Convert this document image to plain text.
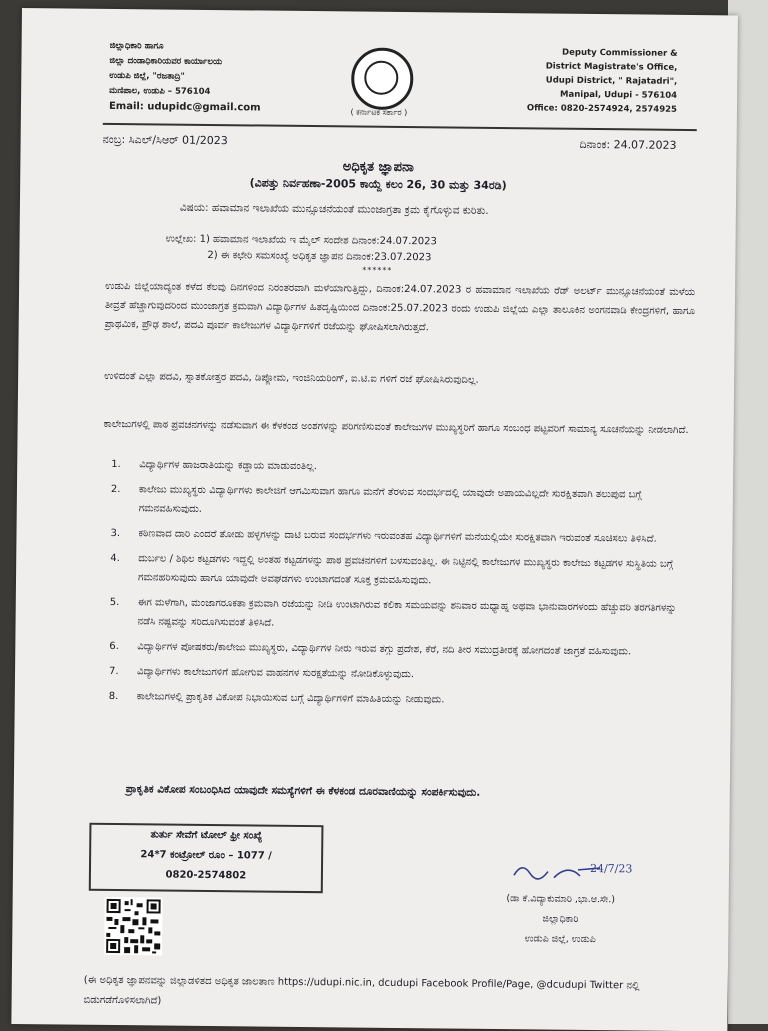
ಜಿಲ್ಲಾಧಿಕಾರಿ ಹಾಗೂ
ಜಿಲ್ಲಾ ದಂಡಾಧಿಕಾರಿಯವರ ಕಾರ್ಯಾಲಯ
ಉಡುಪಿ ಜಿಲ್ಲೆ, "ರಜತಾದ್ರಿ"
ಮಣಿಪಾಲ, ಉಡುಪಿ – 576104
Email: udupidc@gmail.com	( ಕರ್ನಾಟಕ ಸರ್ಕಾರ )
Deputy Commissioner &
District Magistrate's Office,
Udupi District, " Rajatadri",
Manipal, Udupi - 576104
Office: 0820-2574924, 2574925
ನಂಬ್ರ: ಸಿಎಲ್/ಸಿಆರ್ 01/2023	ದಿನಾಂಕ: 24.07.2023
ಅಧಿಕೃತ ಜ್ಞಾಪನಾ
(ವಿಪತ್ತು ನಿರ್ವಹಣಾ-2005 ಕಾಯ್ದೆ ಕಲಂ 26, 30 ಮತ್ತು 34ರಡಿ)
ವಿಷಯ: ಹವಾಮಾನ ಇಲಾಖೆಯ ಮುನ್ಸೂಚನೆಯಂತೆ ಮುಂಜಾಗ್ರತಾ ಕ್ರಮ ಕೈಗೊಳ್ಳುವ ಕುರಿತು.
ಉಲ್ಲೇಖ: 1) ಹವಾಮಾನ ಇಲಾಖೆಯ ಇ ಮೈಲ್ ಸಂದೇಶ ದಿನಾಂಕ:24.07.2023
2) ಈ ಕಛೇರಿ ಸಮಸಂಖ್ಯೆ ಅಧಿಕೃತ ಜ್ಞಾಪನ ದಿನಾಂಕ:23.07.2023
******
ಉಡುಪಿ ಜಿಲ್ಲೆಯಾದ್ಯಂತ ಕಳೆದ ಕೆಲವು ದಿನಗಳಿಂದ ನಿರಂತರವಾಗಿ ಮಳೆಯಾಗುತ್ತಿದ್ದು, ದಿನಾಂಕ:24.07.2023 ರ ಹವಾಮಾನ ಇಲಾಖೆಯ ರೆಡ್ ಅಲರ್ಟ್ ಮುನ್ಸೂಚನೆಯಂತೆ ಮಳೆಯ ತೀವ್ರತೆ ಹೆಚ್ಚಾಗುವುದರಿಂದ ಮುಂಜಾಗ್ರತ ಕ್ರಮವಾಗಿ ವಿದ್ಯಾರ್ಥಿಗಳ ಹಿತದೃಷ್ಟಿಯಿಂದ ದಿನಾಂಕ:25.07.2023 ರಂದು ಉಡುಪಿ ಜಿಲ್ಲೆಯ ಎಲ್ಲಾ ತಾಲೂಕಿನ ಅಂಗನವಾಡಿ ಕೇಂದ್ರಗಳಿಗೆ, ಹಾಗೂ ಪ್ರಾಥಮಿಕ, ಪ್ರೌಢ ಶಾಲೆ, ಪದವಿ ಪೂರ್ವ ಕಾಲೇಜುಗಳ ವಿದ್ಯಾರ್ಥಿಗಳಿಗೆ ರಜೆಯನ್ನು ಘೋಷಿಸಲಾಗಿರುತ್ತದೆ.
ಉಳಿದಂತೆ ಎಲ್ಲಾ ಪದವಿ, ಸ್ನಾತಕೋತ್ತರ ಪದವಿ, ಡಿಪ್ಲೋಮ, ಇಂಜಿನಿಯರಿಂಗ್, ಐ.ಟಿ.ಐ ಗಳಿಗೆ ರಜೆ ಘೋಷಿಸಿರುವುದಿಲ್ಲ.
ಕಾಲೇಜುಗಳಲ್ಲಿ ಪಾಠ ಪ್ರವಚನಗಳನ್ನು ನಡೆಸುವಾಗ ಈ ಕೆಳಕಂಡ ಅಂಶಗಳನ್ನು ಪರಿಗಣಿಸುವಂತೆ ಕಾಲೇಜುಗಳ ಮುಖ್ಯಸ್ಥರಿಗೆ ಹಾಗೂ ಸಂಬಂಧ ಪಟ್ಟವರಿಗೆ ಸಾಮಾನ್ಯ ಸೂಚನೆಯನ್ನು ನೀಡಲಾಗಿದೆ.
1. ವಿದ್ಯಾರ್ಥಿಗಳ ಹಾಜರಾತಿಯನ್ನು ಕಡ್ಡಾಯ ಮಾಡುವಂತಿಲ್ಲ.
2. ಕಾಲೇಜು ಮುಖ್ಯಸ್ಥರು ವಿದ್ಯಾರ್ಥಿಗಳು ಕಾಲೇಜಿಗೆ ಆಗಮಿಸುವಾಗ ಹಾಗೂ ಮನೆಗೆ ತೆರಳುವ ಸಂದರ್ಭದಲ್ಲಿ ಯಾವುದೇ ಅಪಾಯವಿಲ್ಲದೇ ಸುರಕ್ಷಿತವಾಗಿ ತಲುಪುವ ಬಗ್ಗೆ ಗಮನವಹಿಸುವುದು.
3. ಕಠಿಣವಾದ ದಾರಿ ಎಂದರೆ ತೋಡು ಹಳ್ಳಗಳನ್ನು ದಾಟಿ ಬರುವ ಸಂದರ್ಭಗಳು ಇರುವಂತಹ ವಿದ್ಯಾರ್ಥಿಗಳಿಗೆ ಮನೆಯಲ್ಲಿಯೇ ಸುರಕ್ಷಿತವಾಗಿ ಇರುವಂತೆ ಸೂಚಿಸಲು ತಿಳಿಸಿದೆ.
4. ದುರ್ಬಲ / ಶಿಥಿಲ ಕಟ್ಟಡಗಳು ಇದ್ದಲ್ಲಿ ಅಂತಹ ಕಟ್ಟಡಗಳನ್ನು ಪಾಠ ಪ್ರವಚನಗಳಿಗೆ ಬಳಸುವಂತಿಲ್ಲ. ಈ ನಿಟ್ಟಿನಲ್ಲಿ ಕಾಲೇಜುಗಳ ಮುಖ್ಯಸ್ಥರು ಕಾಲೇಜು ಕಟ್ಟಡಗಳ ಸುಸ್ಥಿತಿಯ ಬಗ್ಗೆ ಗಮನಹರಿಸುವುದು ಹಾಗೂ ಯಾವುದೇ ಅವಘಡಗಳು ಉಂಟಾಗದಂತೆ ಸೂಕ್ತ ಕ್ರಮವಹಿಸುವುದು.
5. ಈಗ ಮಳೆಗಾಗಿ, ಮಂಜಾಗರೂಕತಾ ಕ್ರಮವಾಗಿ ರಜೆಯನ್ನು ನೀಡಿ ಉಂಟಾಗಿರುವ ಕಲಿಕಾ ಸಮಯವನ್ನು ಶನಿವಾರ ಮಧ್ಯಾಹ್ನ ಅಥವಾ ಭಾನುವಾರಗಳಂದು ಹೆಚ್ಚುವರಿ ತರಗತಿಗಳನ್ನು ನಡೆಸಿ ನಷ್ಟವನ್ನು ಸರಿದೂಗಿಸುವಂತೆ ತಿಳಿಸಿದೆ.
6. ವಿದ್ಯಾರ್ಥಿಗಳ ಪೋಷಕರು/ಕಾಲೇಜು ಮುಖ್ಯಸ್ಥರು, ವಿದ್ಯಾರ್ಥಿಗಳ ನೀರು ಇರುವ ತಗ್ಗು ಪ್ರದೇಶ, ಕೆರೆ, ನದಿ ತೀರ ಸಮುದ್ರತೀರಕ್ಕೆ ಹೋಗದಂತೆ ಜಾಗ್ರತೆ ವಹಿಸುವುದು.
7. ವಿದ್ಯಾರ್ಥಿಗಳು ಕಾಲೇಜುಗಳಿಗೆ ಹೋಗುವ ವಾಹನಗಳ ಸುರಕ್ಷತೆಯನ್ನು ನೋಡಿಕೊಳ್ಳುವುದು.
8. ಕಾಲೇಜುಗಳಲ್ಲಿ ಪ್ರಾಕೃತಿಕ ವಿಕೋಪ ನಿಭಾಯಿಸುವ ಬಗ್ಗೆ ವಿದ್ಯಾರ್ಥಿಗಳಿಗೆ ಮಾಹಿತಿಯನ್ನು ನೀಡುವುದು.
ಪ್ರಾಕೃತಿಕ ವಿಕೋಪ ಸಂಬಂಧಿಸಿದ ಯಾವುದೇ ಸಮಸ್ಯೆಗಳಿಗೆ ಈ ಕೆಳಕಂಡ ದೂರವಾಣಿಯನ್ನು ಸಂಪರ್ಕಿಸುವುದು.
ತುರ್ತು ಸೇವೆಗೆ ಟೋಲ್ ಫ್ರೀ ಸಂಖ್ಯೆ
24*7 ಕಂಟ್ರೋಲ್ ರೂಂ – 1077 /
0820-2574802
24/7/23
(ಡಾ ಕೆ.ವಿದ್ಯಾಕುಮಾರಿ ,ಭಾ.ಆ.ಸೇ.)
ಜಿಲ್ಲಾಧಿಕಾರಿ
ಉಡುಪಿ ಜಿಲ್ಲೆ, ಉಡುಪಿ
(ಈ ಅಧಿಕೃತ ಜ್ಞಾಪನವನ್ನು ಜಿಲ್ಲಾಡಳಿತದ ಅಧಿಕೃತ ಜಾಲತಾಣ https://udupi.nic.in, dcudupi Facebook Profile/Page, @dcudupi Twitter ನಲ್ಲಿ ಬಿಡುಗಡೆಗೊಳಿಸಲಾಗಿದೆ)
